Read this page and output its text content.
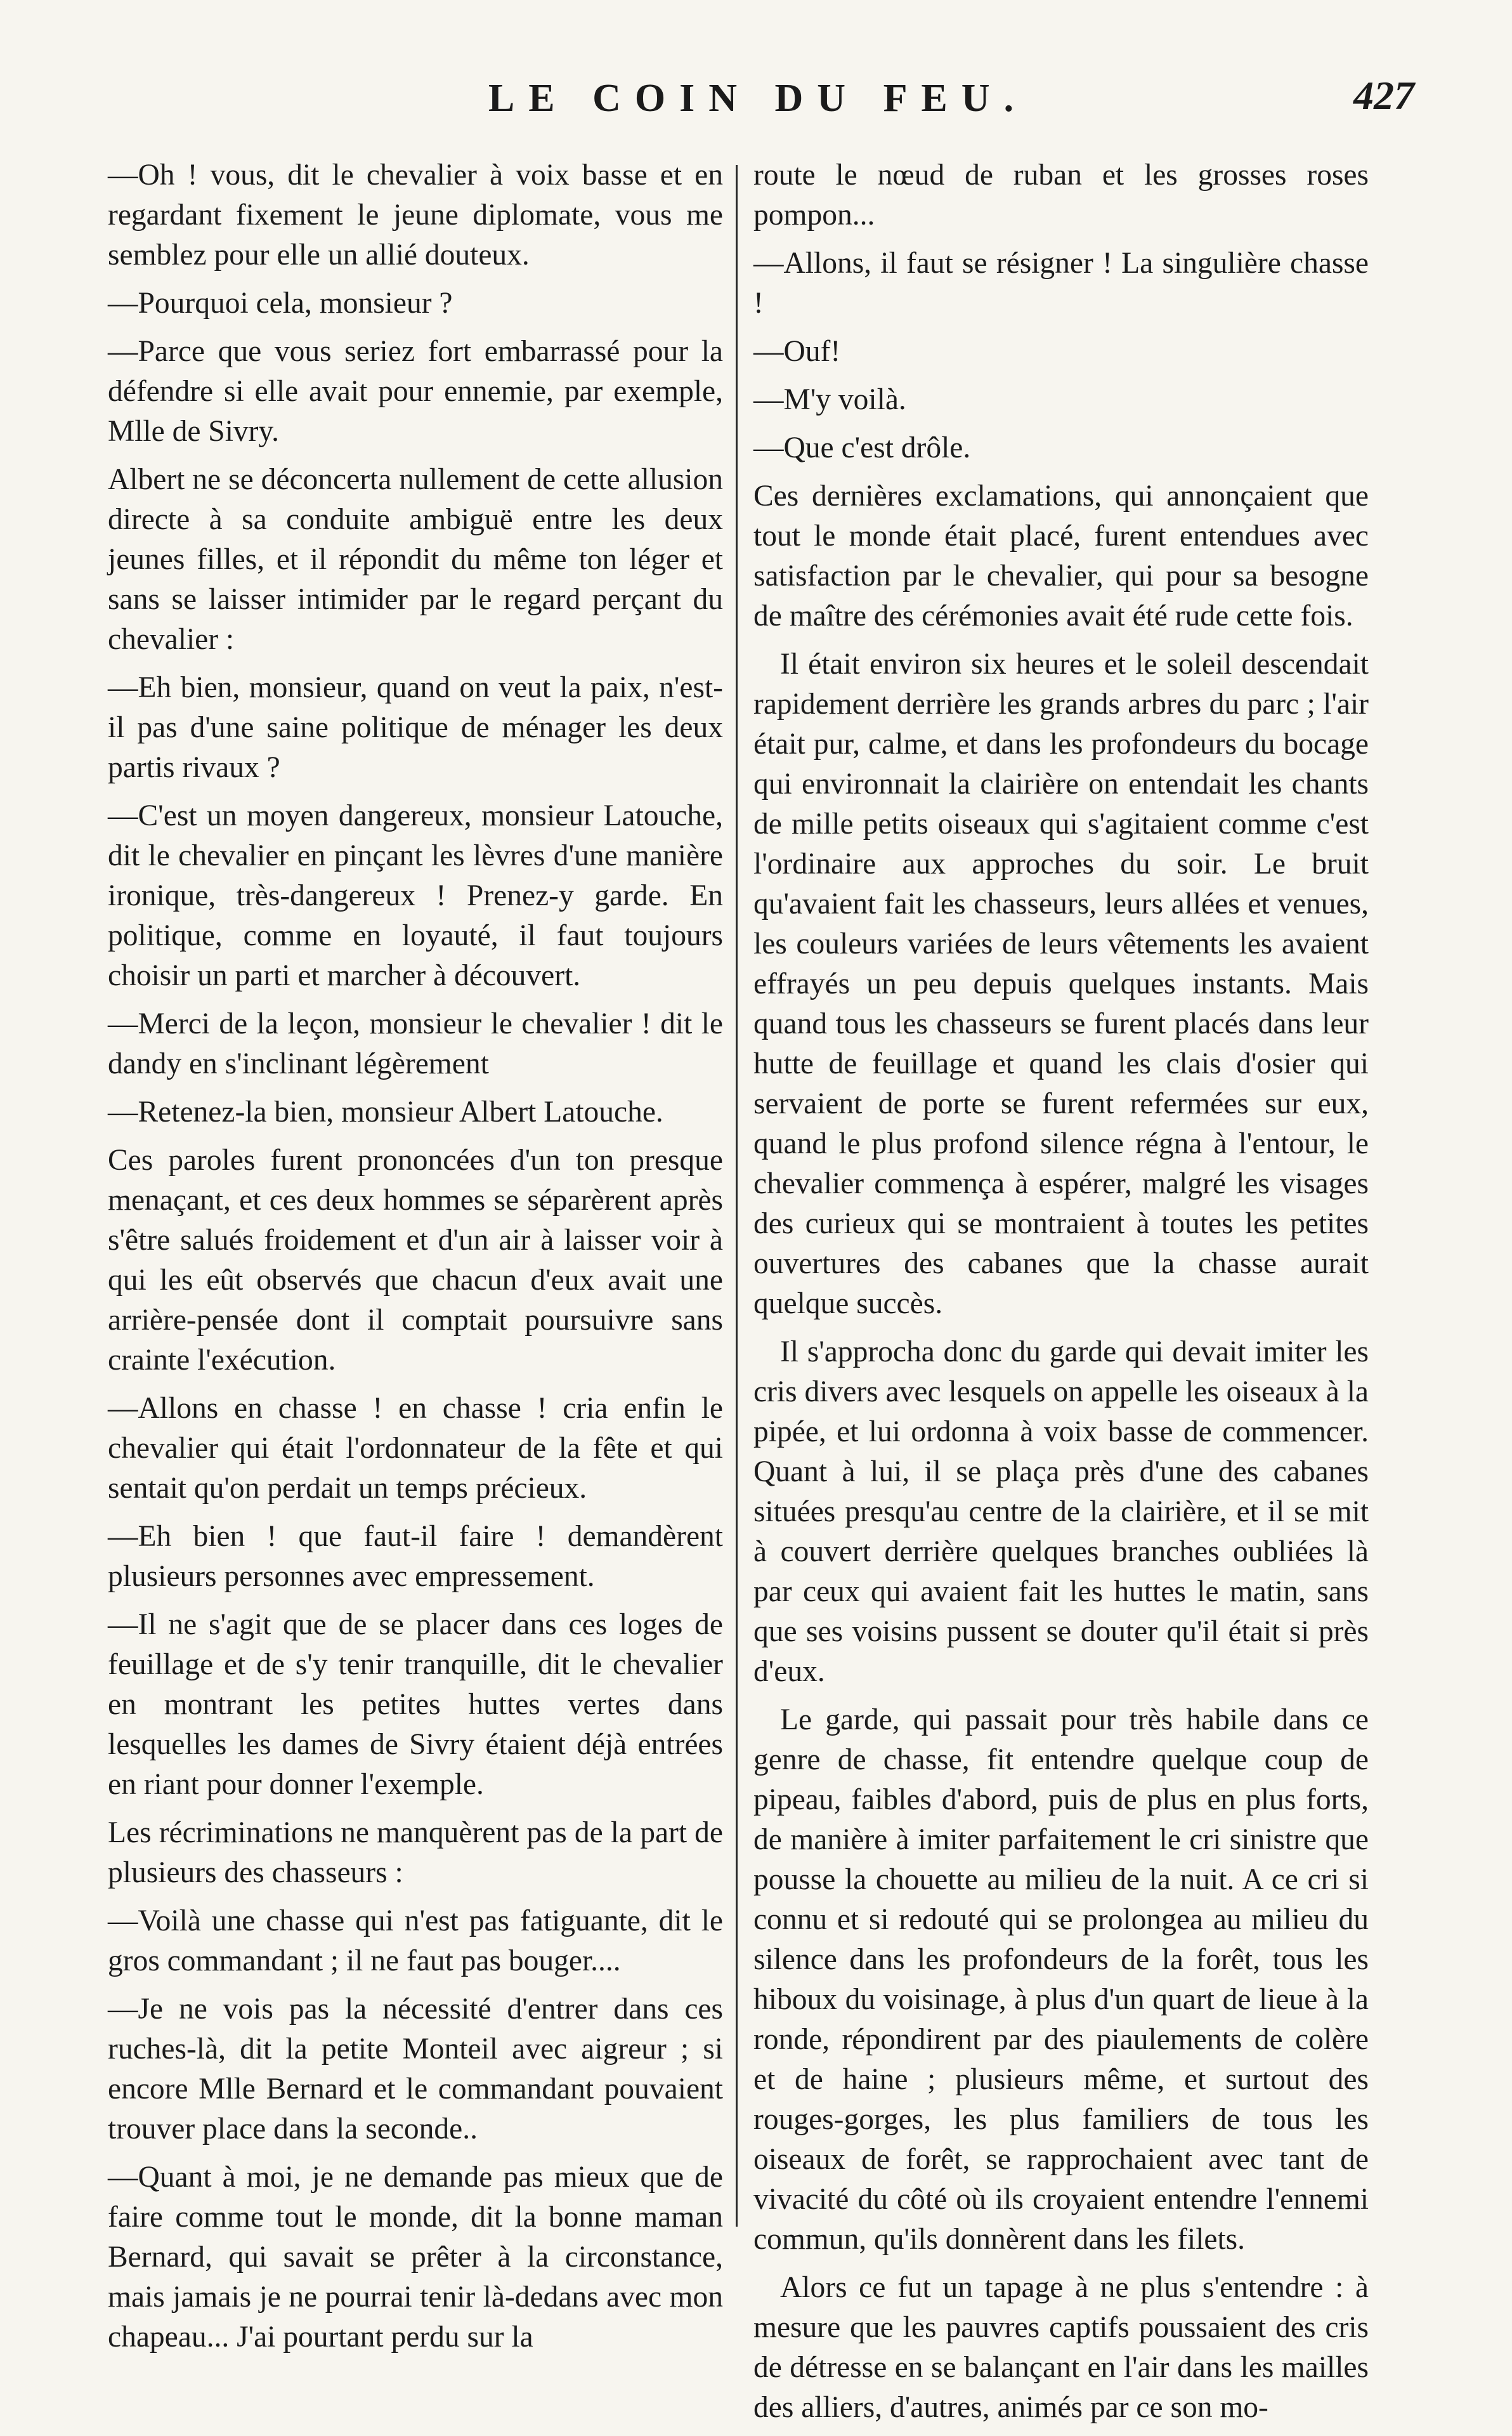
LE COIN DU FEU.	427

—Oh ! vous, dit le chevalier à voix basse et en regardant fixement le jeune diplomate, vous me semblez pour elle un allié douteux.

—Pourquoi cela, monsieur ?

—Parce que vous seriez fort embarrassé pour la défendre si elle avait pour ennemie, par exemple, Mlle de Sivry.

Albert ne se déconcerta nullement de cette allusion directe à sa conduite ambiguë entre les deux jeunes filles, et il répondit du même ton léger et sans se laisser intimider par le regard perçant du chevalier :

—Eh bien, monsieur, quand on veut la paix, n'est-il pas d'une saine politique de ménager les deux partis rivaux ?

—C'est un moyen dangereux, monsieur Latouche, dit le chevalier en pinçant les lèvres d'une manière ironique, très-dangereux ! Prenez-y garde. En politique, comme en loyauté, il faut toujours choisir un parti et marcher à découvert.

—Merci de la leçon, monsieur le chevalier ! dit le dandy en s'inclinant légèrement

—Retenez-la bien, monsieur Albert Latouche.

Ces paroles furent prononcées d'un ton presque menaçant, et ces deux hommes se séparèrent après s'être salués froidement et d'un air à laisser voir à qui les eût observés que chacun d'eux avait une arrière-pensée dont il comptait poursuivre sans crainte l'exécution.

—Allons en chasse ! en chasse ! cria enfin le chevalier qui était l'ordonnateur de la fête et qui sentait qu'on perdait un temps précieux.

—Eh bien ! que faut-il faire ! demandèrent plusieurs personnes avec empressement.

—Il ne s'agit que de se placer dans ces loges de feuillage et de s'y tenir tranquille, dit le chevalier en montrant les petites huttes vertes dans lesquelles les dames de Sivry étaient déjà entrées en riant pour donner l'exemple.

Les récriminations ne manquèrent pas de la part de plusieurs des chasseurs :

—Voilà une chasse qui n'est pas fatiguante, dit le gros commandant ; il ne faut pas bouger....

—Je ne vois pas la nécessité d'entrer dans ces ruches-là, dit la petite Monteil avec aigreur ; si encore Mlle Bernard et le commandant pouvaient trouver place dans la seconde..

—Quant à moi, je ne demande pas mieux que de faire comme tout le monde, dit la bonne maman Bernard, qui savait se prêter à la circonstance, mais jamais je ne pourrai tenir là-dedans avec mon chapeau... J'ai pourtant perdu sur la

route le nœud de ruban et les grosses roses pompon...

—Allons, il faut se résigner ! La singulière chasse !

—Ouf!

—M'y voilà.

—Que c'est drôle.

Ces dernières exclamations, qui annonçaient que tout le monde était placé, furent entendues avec satisfaction par le chevalier, qui pour sa besogne de maître des cérémonies avait été rude cette fois.

Il était environ six heures et le soleil descendait rapidement derrière les grands arbres du parc ; l'air était pur, calme, et dans les profondeurs du bocage qui environnait la clairière on entendait les chants de mille petits oiseaux qui s'agitaient comme c'est l'ordinaire aux approches du soir. Le bruit qu'avaient fait les chasseurs, leurs allées et venues, les couleurs variées de leurs vêtements les avaient effrayés un peu depuis quelques instants. Mais quand tous les chasseurs se furent placés dans leur hutte de feuillage et quand les clais d'osier qui servaient de porte se furent refermées sur eux, quand le plus profond silence régna à l'entour, le chevalier commença à espérer, malgré les visages des curieux qui se montraient à toutes les petites ouvertures des cabanes que la chasse aurait quelque succès.

Il s'approcha donc du garde qui devait imiter les cris divers avec lesquels on appelle les oiseaux à la pipée, et lui ordonna à voix basse de commencer. Quant à lui, il se plaça près d'une des cabanes situées presqu'au centre de la clairière, et il se mit à couvert derrière quelques branches oubliées là par ceux qui avaient fait les huttes le matin, sans que ses voisins pussent se douter qu'il était si près d'eux.

Le garde, qui passait pour très habile dans ce genre de chasse, fit entendre quelque coup de pipeau, faibles d'abord, puis de plus en plus forts, de manière à imiter parfaitement le cri sinistre que pousse la chouette au milieu de la nuit. A ce cri si connu et si redouté qui se prolongea au milieu du silence dans les profondeurs de la forêt, tous les hiboux du voisinage, à plus d'un quart de lieue à la ronde, répondirent par des piaulements de colère et de haine ; plusieurs même, et surtout des rouges-gorges, les plus familiers de tous les oiseaux de forêt, se rapprochaient avec tant de vivacité du côté où ils croyaient entendre l'ennemi commun, qu'ils donnèrent dans les filets.

Alors ce fut un tapage à ne plus s'entendre : à mesure que les pauvres captifs poussaient des cris de détresse en se balançant en l'air dans les mailles des alliers, d'autres, animés par ce son mo-
